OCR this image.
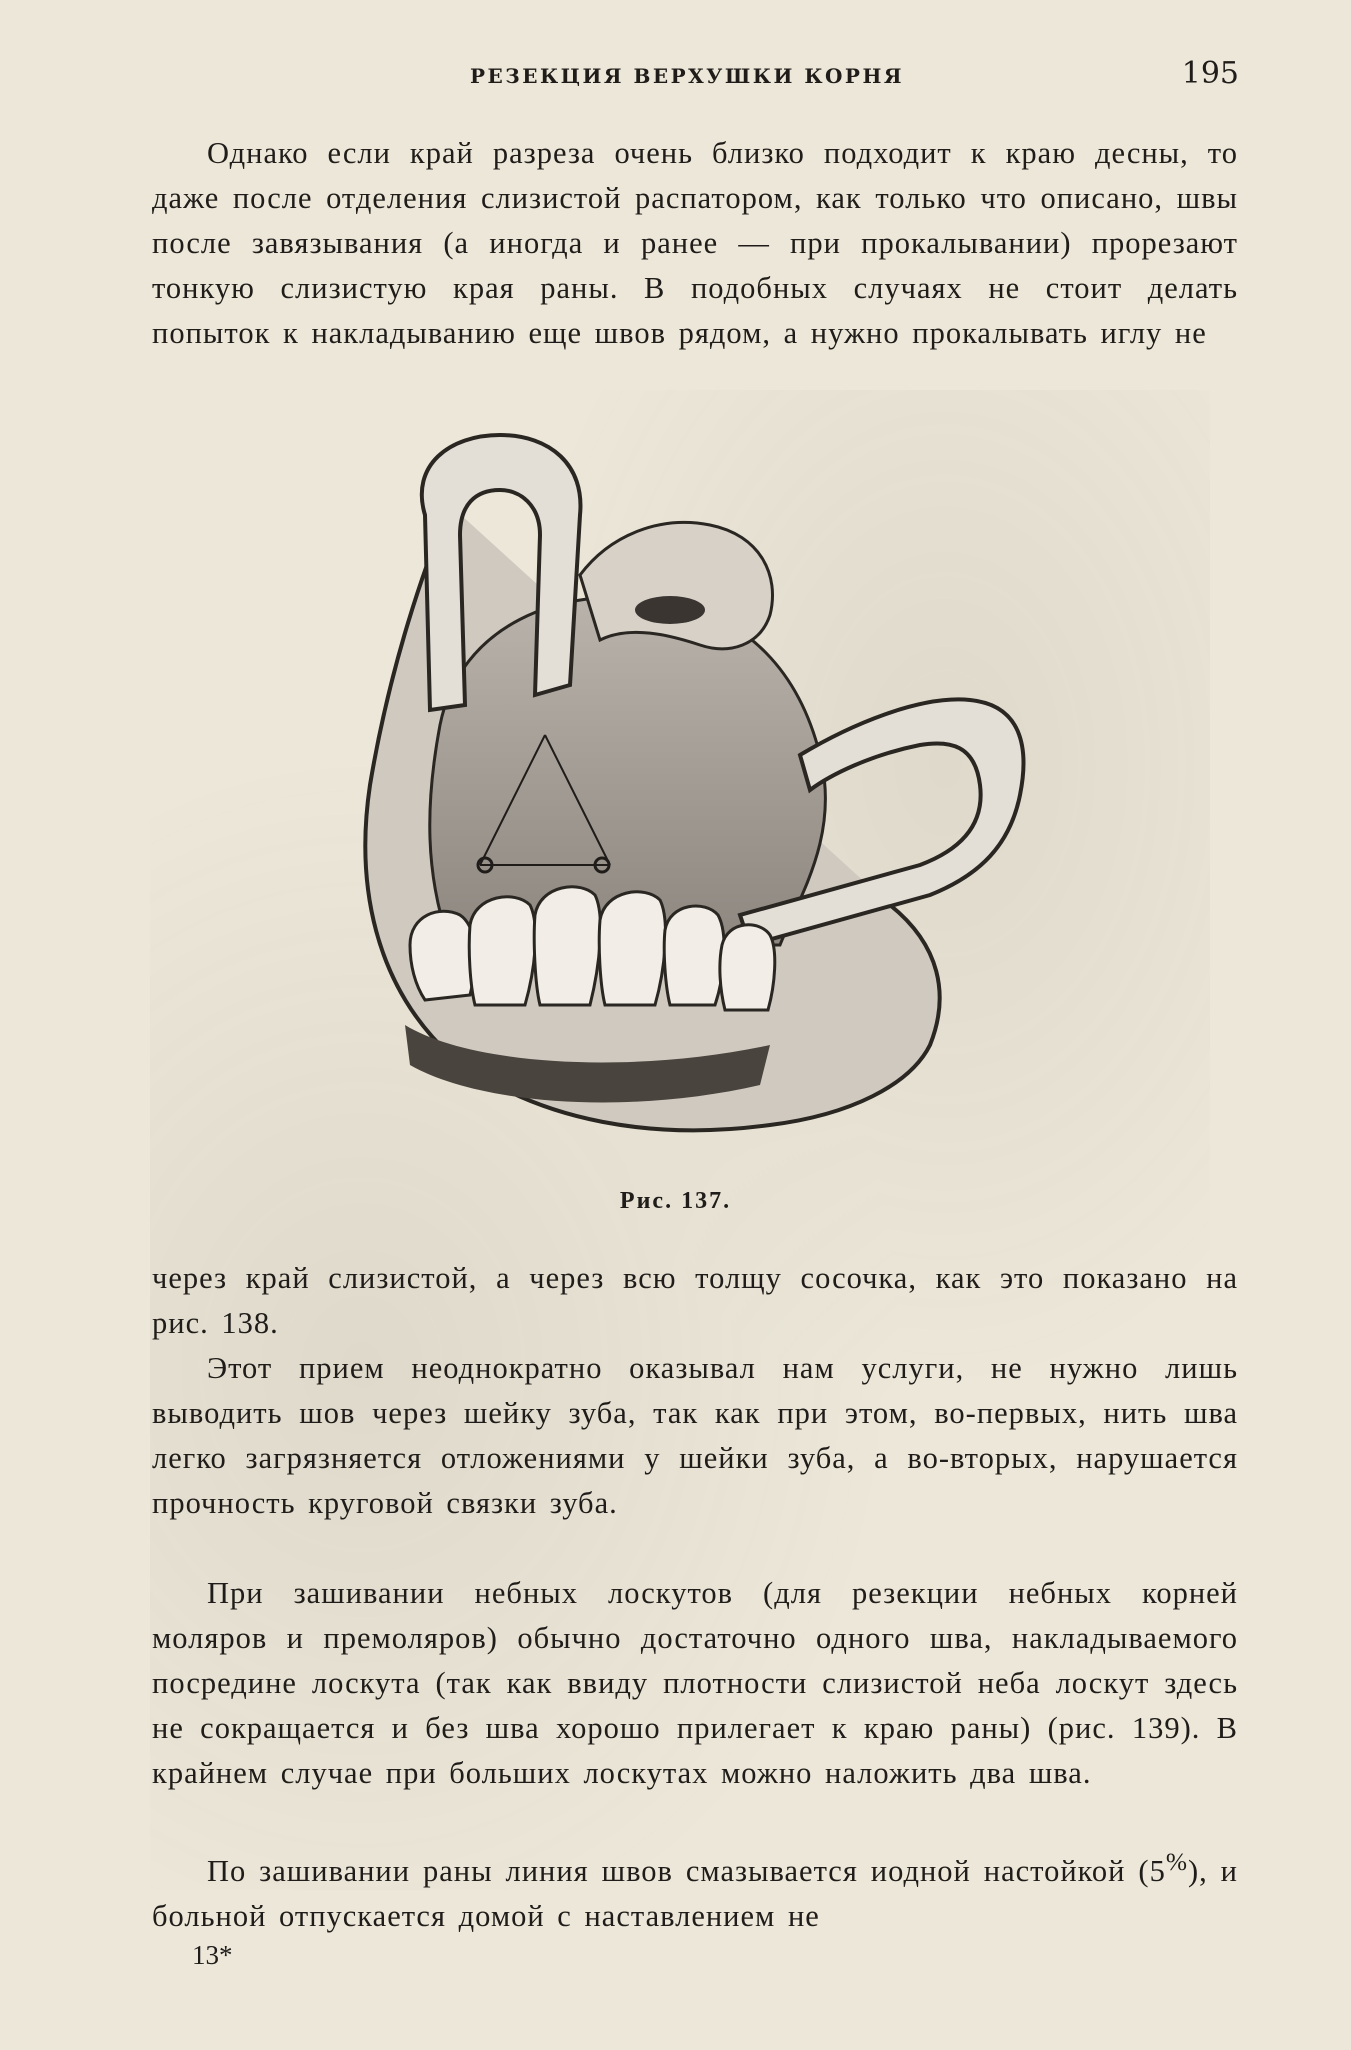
РЕЗЕКЦИЯ ВЕРХУШКИ КОРНЯ	195

Однако если край разреза очень близко подходит к краю десны, то даже после отделения слизистой распатором, как только что описано, швы после завязывания (а иногда и ранее — при прокалывании) прорезают тонкую слизистую края раны. В подобных случаях не стоит делать попыток к накладыванию еще швов рядом, а нужно прокалывать иглу не

Рис. 137.

через край слизистой, а через всю толщу сосочка, как это показано на рис. 138.

Этот прием неоднократно оказывал нам услуги, не нужно лишь выводить шов через шейку зуба, так как при этом, во-первых, нить шва легко загрязняется отложениями у шейки зуба, а во-вторых, нарушается прочность круговой связки зуба.

При зашивании небных лоскутов (для резекции небных корней моляров и премоляров) обычно достаточно одного шва, накладываемого посредине лоскута (так как ввиду плотности слизистой неба лоскут здесь не сокращается и без шва хорошо прилегает к краю раны) (рис. 139). В крайнем случае при больших лоскутах можно наложить два шва.

По зашивании раны линия швов смазывается иодной настойкой (5%), и больной отпускается домой с наставлением не

13*
